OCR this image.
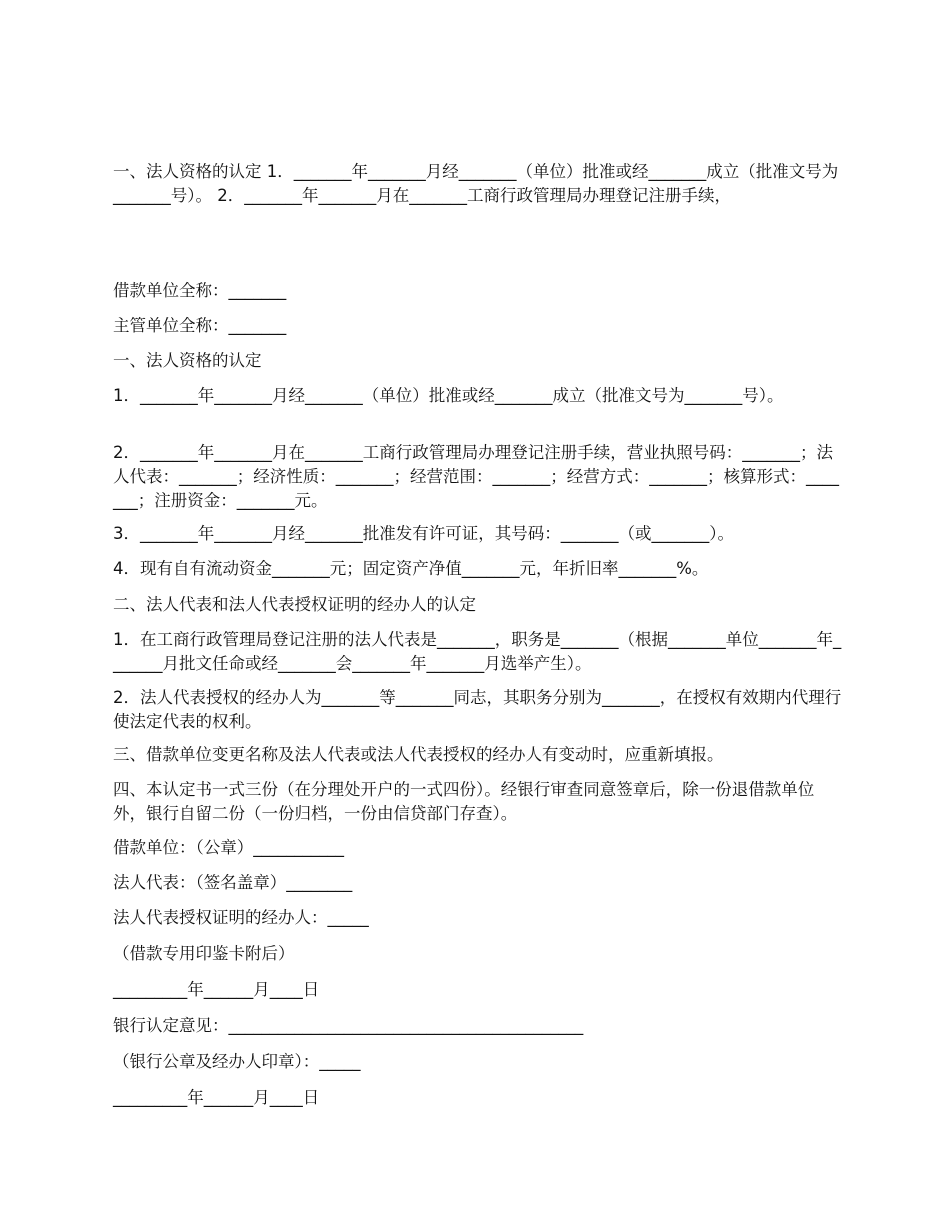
一、法人资格的认定 1．_______年_______月经_______（单位）批准或经_______成立（批准文号为_______号）。 2．_______年_______月在_______工商行政管理局办理登记注册手续，

借款单位全称：_______

主管单位全称：_______

一、法人资格的认定

1．_______年_______月经_______（单位）批准或经_______成立（批准文号为_______号）。

2．_______年_______月在_______工商行政管理局办理登记注册手续，营业执照号码：_______；法人代表：_______；经济性质：_______；经营范围：_______；经营方式：_______；核算形式：_______；注册资金：_______元。

3．_______年_______月经_______批准发有许可证，其号码：_______（或_______）。

4．现有自有流动资金_______元；固定资产净值_______元，年折旧率_______%。

二、法人代表和法人代表授权证明的经办人的认定

1．在工商行政管理局登记注册的法人代表是_______，职务是_______（根据_______单位_______年_______月批文任命或经_______会_______年_______月选举产生）。

2．法人代表授权的经办人为_______等_______同志，其职务分别为_______，在授权有效期内代理行使法定代表的权利。

三、借款单位变更名称及法人代表或法人代表授权的经办人有变动时，应重新填报。

四、本认定书一式三份（在分理处开户的一式四份）。经银行审查同意签章后，除一份退借款单位外，银行自留二份（一份归档，一份由信贷部门存查）。

借款单位：（公章）___________

法人代表：（签名盖章）________

法人代表授权证明的经办人：_____

（借款专用印鉴卡附后）

_________年______月____日

银行认定意见：___________________________________________

（银行公章及经办人印章）：_____

_________年______月____日
